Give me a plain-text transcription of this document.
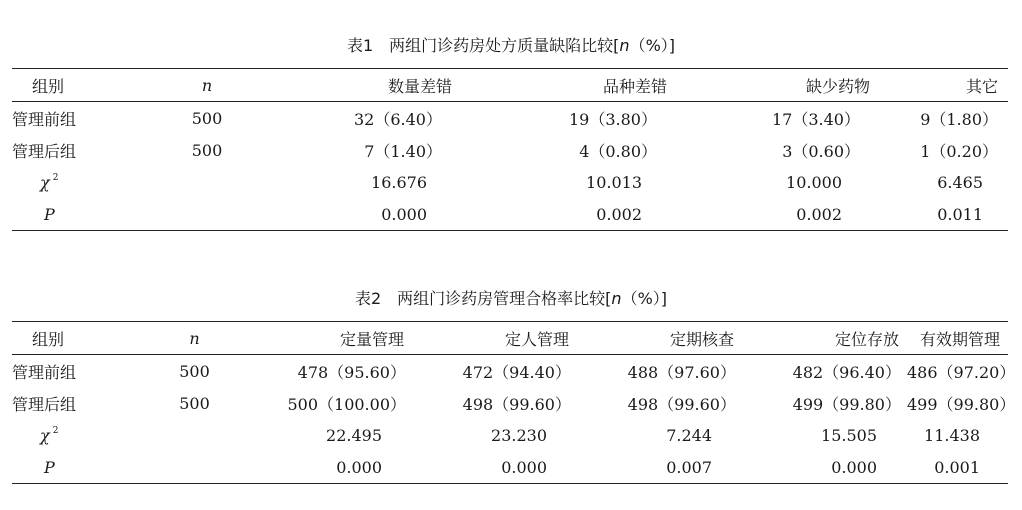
表1 两组门诊药房处方质量缺陷比较[n（%）]
组别	n	数量差错	品种差错	缺少药物	其它
管理前组	500	32（6.40）	19（3.80）	17（3.40）	9（1.80）
管理后组	500	7（1.40）	4（0.80）	3（0.60）	1（0.20）
χ $^2$		16.676	10.013	10.000	6.465
P		0.000	0.002	0.002	0.011
表2 两组门诊药房管理合格率比较[n（%）]
组别	n	定量管理	定人管理	定期核查	定位存放	有效期管理
管理前组	500	478（95.60）	472（94.40）	488（97.60）	482（96.40）	486（97.20）
管理后组	500	500（100.00）	498（99.60）	498（99.60）	499（99.80）	499（99.80）
χ $^2$		22.495	23.230	7.244	15.505	11.438
P		0.000	0.000	0.007	0.000	0.001
